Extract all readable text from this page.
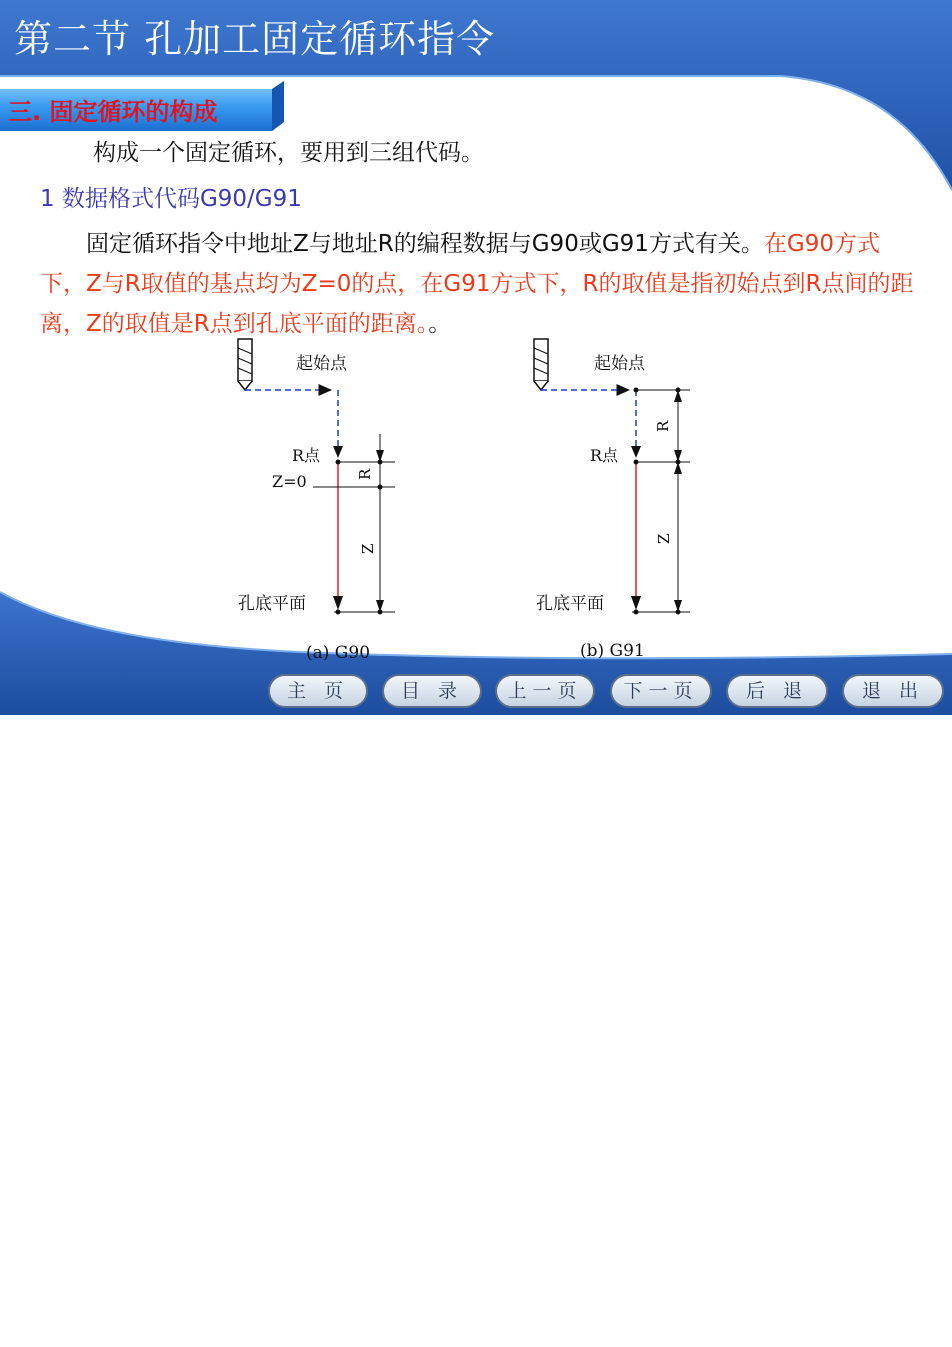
第二节 孔加工固定循环指令
三. 固定循环的构成
构成一个固定循环，要用到三组代码。
1 数据格式代码G90/G91
固定循环指令中地址Z与地址R的编程数据与G90或G91方式有关。在G90方式下，Z与R取值的基点均为Z=0的点，在G91方式下，R的取值是指初始点到R点间的距离，Z的取值是R点到孔底平面的距离。。
起始点
R点
Z=0
孔底平面
R
Z
(a) G90
起始点
R点
孔底平面
R
Z
(b) G91
主 页	目 录	上一页	下一页	后 退	退 出
